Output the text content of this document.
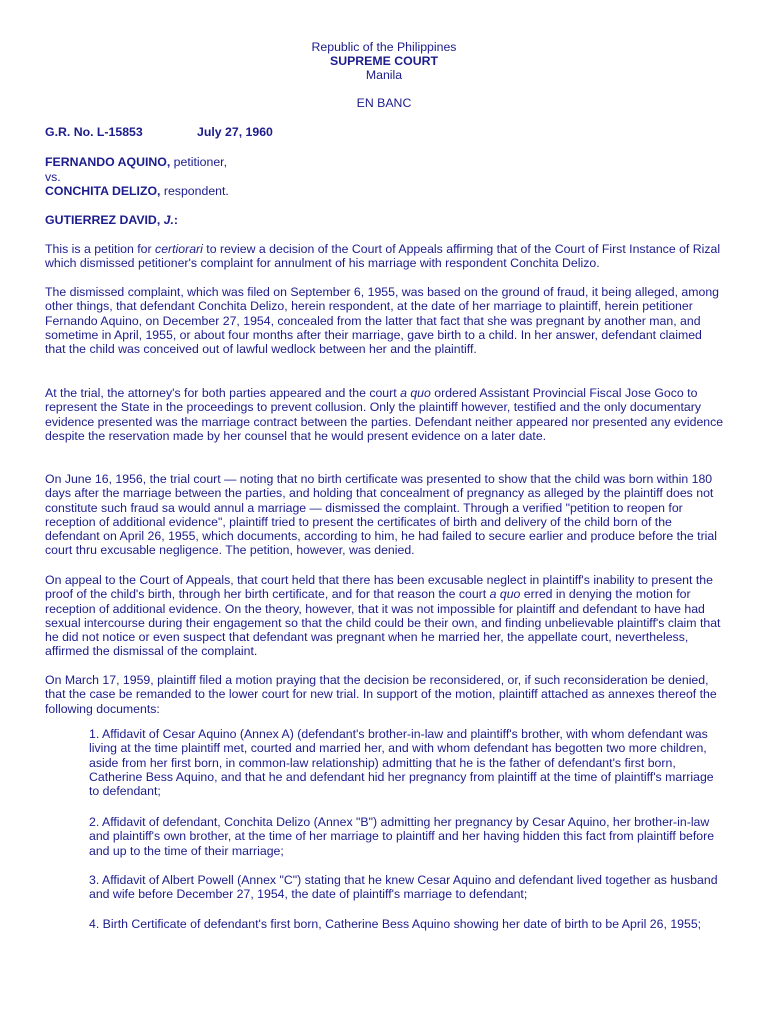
Republic of the Philippines
SUPREME COURT
Manila
EN BANC
G.R. No. L-15853	July 27, 1960
FERNANDO AQUINO, petitioner,
vs.
CONCHITA DELIZO, respondent.
GUTIERREZ DAVID, J.:
This is a petition for certiorari to review a decision of the Court of Appeals affirming that of the Court of First Instance of Rizal which dismissed petitioner's complaint for annulment of his marriage with respondent Conchita Delizo.
The dismissed complaint, which was filed on September 6, 1955, was based on the ground of fraud, it being alleged, among other things, that defendant Conchita Delizo, herein respondent, at the date of her marriage to plaintiff, herein petitioner Fernando Aquino, on December 27, 1954, concealed from the latter that fact that she was pregnant by another man, and sometime in April, 1955, or about four months after their marriage, gave birth to a child. In her answer, defendant claimed that the child was conceived out of lawful wedlock between her and the plaintiff.
At the trial, the attorney's for both parties appeared and the court a quo ordered Assistant Provincial Fiscal Jose Goco to represent the State in the proceedings to prevent collusion. Only the plaintiff however, testified and the only documentary evidence presented was the marriage contract between the parties. Defendant neither appeared nor presented any evidence despite the reservation made by her counsel that he would present evidence on a later date.
On June 16, 1956, the trial court — noting that no birth certificate was presented to show that the child was born within 180 days after the marriage between the parties, and holding that concealment of pregnancy as alleged by the plaintiff does not constitute such fraud sa would annul a marriage — dismissed the complaint. Through a verified "petition to reopen for reception of additional evidence", plaintiff tried to present the certificates of birth and delivery of the child born of the defendant on April 26, 1955, which documents, according to him, he had failed to secure earlier and produce before the trial court thru excusable negligence. The petition, however, was denied.
On appeal to the Court of Appeals, that court held that there has been excusable neglect in plaintiff's inability to present the proof of the child's birth, through her birth certificate, and for that reason the court a quo erred in denying the motion for reception of additional evidence. On the theory, however, that it was not impossible for plaintiff and defendant to have had sexual intercourse during their engagement so that the child could be their own, and finding unbelievable plaintiff's claim that he did not notice or even suspect that defendant was pregnant when he married her, the appellate court, nevertheless, affirmed the dismissal of the complaint.
On March 17, 1959, plaintiff filed a motion praying that the decision be reconsidered, or, if such reconsideration be denied, that the case be remanded to the lower court for new trial. In support of the motion, plaintiff attached as annexes thereof the following documents:
1. Affidavit of Cesar Aquino (Annex A) (defendant's brother-in-law and plaintiff's brother, with whom defendant was living at the time plaintiff met, courted and married her, and with whom defendant has begotten two more children, aside from her first born, in common-law relationship) admitting that he is the father of defendant's first born, Catherine Bess Aquino, and that he and defendant hid her pregnancy from plaintiff at the time of plaintiff's marriage to defendant;
2. Affidavit of defendant, Conchita Delizo (Annex "B") admitting her pregnancy by Cesar Aquino, her brother-in-law and plaintiff's own brother, at the time of her marriage to plaintiff and her having hidden this fact from plaintiff before and up to the time of their marriage;
3. Affidavit of Albert Powell (Annex "C") stating that he knew Cesar Aquino and defendant lived together as husband and wife before December 27, 1954, the date of plaintiff's marriage to defendant;
4. Birth Certificate of defendant's first born, Catherine Bess Aquino showing her date of birth to be April 26, 1955;
